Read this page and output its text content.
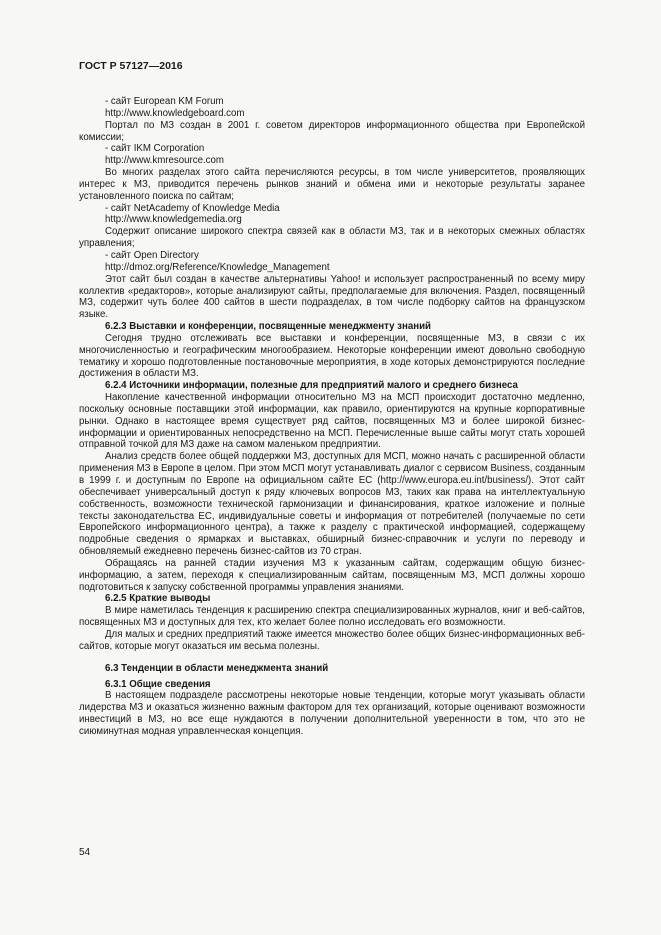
ГОСТ Р 57127—2016

- сайт European KM Forum

http://www.knowledgeboard.com

Портал по МЗ создан в 2001 г. советом директоров информационного общества при Европейской комиссии;

- сайт IKM Corporation

http://www.kmresource.com

Во многих разделах этого сайта перечисляются ресурсы, в том числе университетов, проявляющих интерес к МЗ, приводится перечень рынков знаний и обмена ими и некоторые результаты заранее установленного поиска по сайтам;

- сайт NetAcademy of Knowledge Media

http://www.knowledgemedia.org

Содержит описание широкого спектра связей как в области МЗ, так и в некоторых смежных областях управления;

- сайт Open Directory

http://dmoz.org/Reference/Knowledge_Management

Этот сайт был создан в качестве альтернативы Yahoo! и использует распространенный по всему миру коллектив «редакторов», которые анализируют сайты, предполагаемые для включения. Раздел, посвященный МЗ, содержит чуть более 400 сайтов в шести подразделах, в том числе подборку сайтов на французском языке.

6.2.3 Выставки и конференции, посвященные менеджменту знаний

Сегодня трудно отслеживать все выставки и конференции, посвященные МЗ, в связи с их многочисленностью и географическим многообразием. Некоторые конференции имеют довольно свободную тематику и хорошо подготовленные постановочные мероприятия, в ходе которых демонстрируются последние достижения в области МЗ.

6.2.4 Источники информации, полезные для предприятий малого и среднего бизнеса

Накопление качественной информации относительно МЗ на МСП происходит достаточно медленно, поскольку основные поставщики этой информации, как правило, ориентируются на крупные корпоративные рынки. Однако в настоящее время существует ряд сайтов, посвященных МЗ и более широкой бизнес-информации и ориентированных непосредственно на МСП. Перечисленные выше сайты могут стать хорошей отправной точкой для МЗ даже на самом маленьком предприятии.

Анализ средств более общей поддержки МЗ, доступных для МСП, можно начать с расширенной области применения МЗ в Европе в целом. При этом МСП могут устанавливать диалог с сервисом Business, созданным в 1999 г. и доступным по Европе на официальном сайте ЕС (http://www.europa.eu.int/business/). Этот сайт обеспечивает универсальный доступ к ряду ключевых вопросов МЗ, таких как права на интеллектуальную собственность, возможности технической гармонизации и финансирования, краткое изложение и полные тексты законодательства ЕС, индивидуальные советы и информация от потребителей (получаемые по сети Европейского информационного центра), а также к разделу с практической информацией, содержащему подробные сведения о ярмарках и выставках, обширный бизнес-справочник и услуги по переводу и обновляемый ежедневно перечень бизнес-сайтов из 70 стран.

Обращаясь на ранней стадии изучения МЗ к указанным сайтам, содержащим общую бизнес-информацию, а затем, переходя к специализированным сайтам, посвященным МЗ, МСП должны хорошо подготовиться к запуску собственной программы управления знаниями.

6.2.5 Краткие выводы

В мире наметилась тенденция к расширению спектра специализированных журналов, книг и веб-сайтов, посвященных МЗ и доступных для тех, кто желает более полно исследовать его возможности.

Для малых и средних предприятий также имеется множество более общих бизнес-информационных веб-сайтов, которые могут оказаться им весьма полезны.

6.3 Тенденции в области менеджмента знаний

6.3.1 Общие сведения

В настоящем подразделе рассмотрены некоторые новые тенденции, которые могут указывать области лидерства МЗ и оказаться жизненно важным фактором для тех организаций, которые оценивают возможности инвестиций в МЗ, но все еще нуждаются в получении дополнительной уверенности в том, что это не сиюминутная модная управленческая концепция.

54
